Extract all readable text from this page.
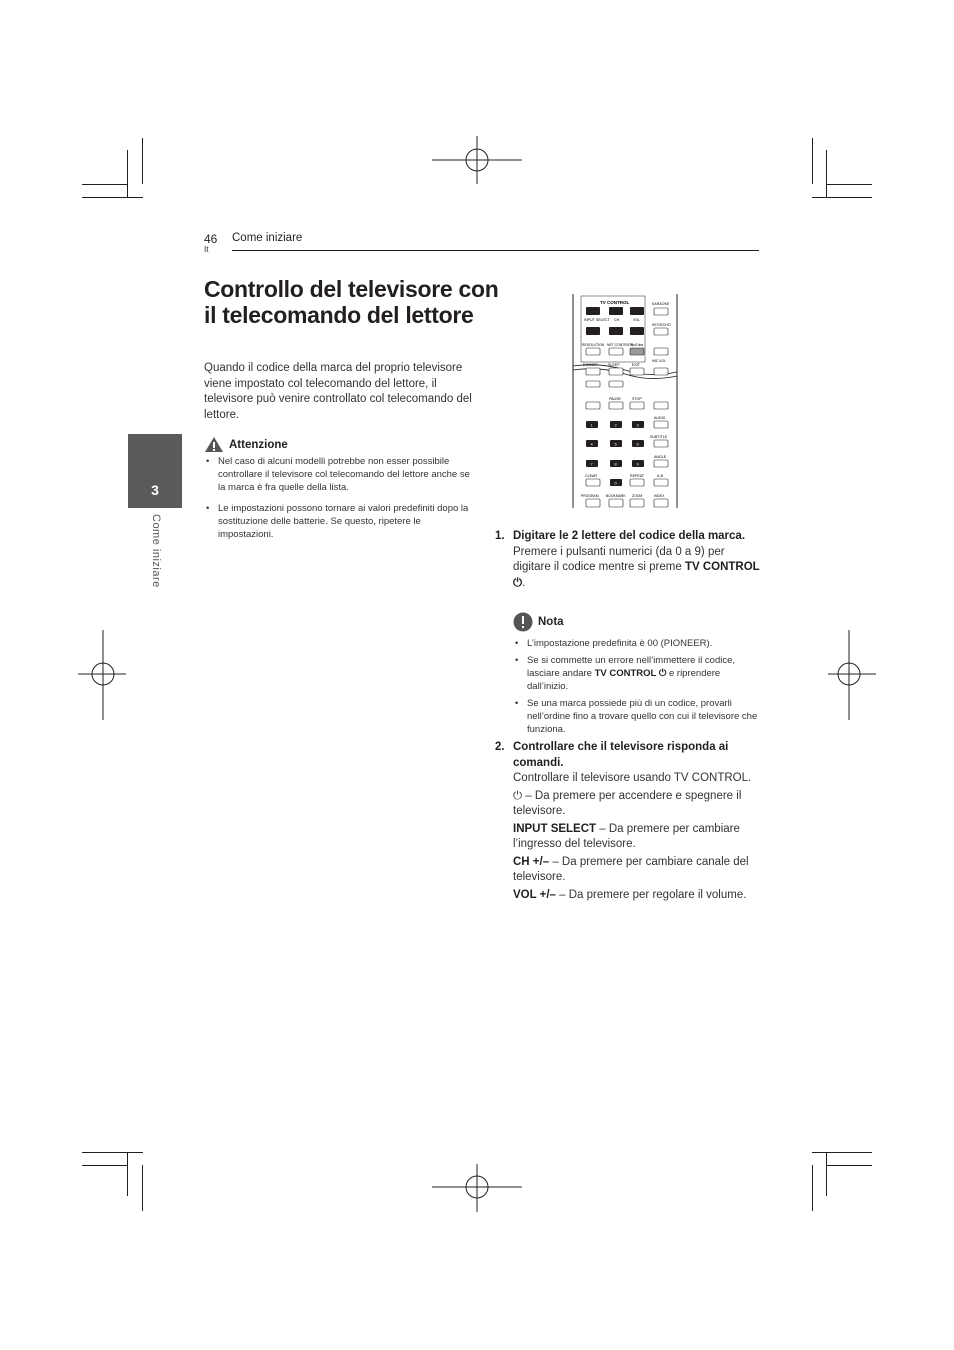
46
It
Come iniziare
3
Come iniziare
Controllo del televisore con il telecomando del lettore
Quando il codice della marca del proprio televisore viene impostato col telecomando del lettore, il televisore può venire controllato col telecomando del lettore.
Attenzione
• Nel caso di alcuni modelli potrebbe non esser possibile controllare il televisore col telecomando del lettore anche se la marca è fra quelle della lista.
• Le impostazioni possono tornare ai valori predefiniti dopo la sostituzione delle batterie. Se questo, ripetere le impostazioni.
TV CONTROL
INPUT SELECT CH	VOL
KARAOKE
KEY/ECHO
RESOLUTION NET CONTENTS
YouTube
MIC VOL
DIMMER	SLEEP	EXIT
PAUSE	STOP
1	2	3
4	5	6
7	8	9
0
AUDIO
SUBTITLE
ANGLE
CLEAR	REPEAT	A-B
PROGRAM BOOKMARK ZOOM	INDEX
1. Digitare le 2 lettere del codice della marca.
Premere i pulsanti numerici (da 0 a 9) per digitare il codice mentre si preme TV CONTROL ⏻.
Nota
• L’impostazione predefinita è 00 (PIONEER).
• Se si commette un errore nell’immettere il codice, lasciare andare TV CONTROL ⏻ e riprendere dall’inizio.
• Se una marca possiede più di un codice, provarli nell’ordine fino a trovare quello con cui il televisore che funziona.
2. Controllare che il televisore risponda ai comandi.
Controllare il televisore usando TV CONTROL.
⏻ – Da premere per accendere e spegnere il televisore.
INPUT SELECT – Da premere per cambiare l’ingresso del televisore.
CH +/– – Da premere per cambiare canale del televisore.
VOL +/– – Da premere per regolare il volume.
